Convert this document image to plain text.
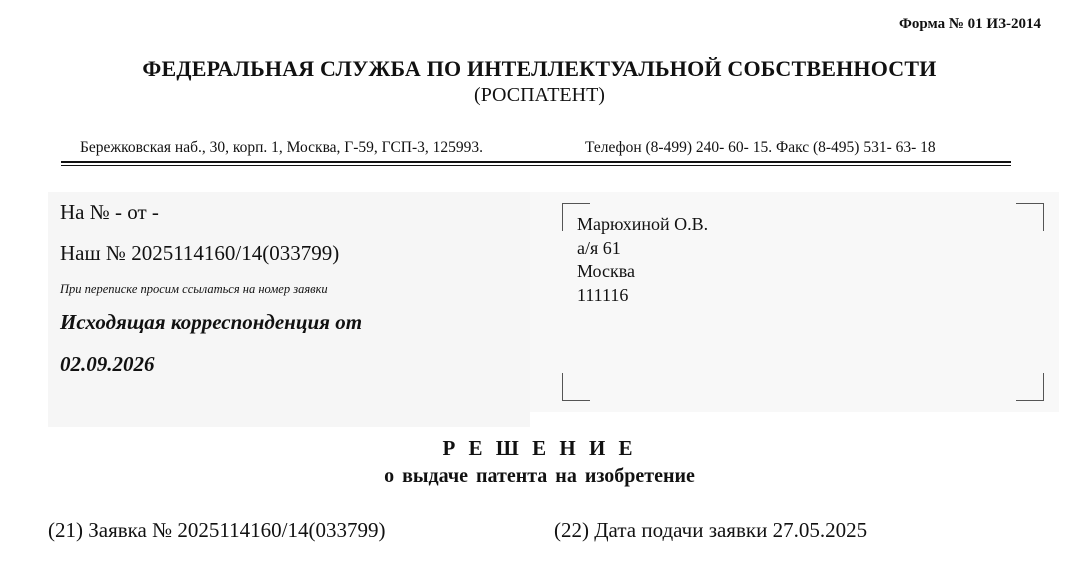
Форма № 01 ИЗ-2014
ФЕДЕРАЛЬНАЯ СЛУЖБА ПО ИНТЕЛЛЕКТУАЛЬНОЙ СОБСТВЕННОСТИ
(РОСПАТЕНТ)
Бережковская наб., 30, корп. 1, Москва, Г-59, ГСП-3, 125993.	Телефон (8-499) 240- 60- 15. Факс (8-495) 531- 63- 18
На № - от -
Наш № 2025114160/14(033799)
При переписке просим ссылаться на номер заявки
Исходящая корреспонденция от
02.09.2026
Марюхиной О.В.
а/я 61
Москва
111116
Р Е Ш Е Н И Е
о выдаче патента на изобретение
(21) Заявка № 2025114160/14(033799)	(22) Дата подачи заявки 27.05.2025
